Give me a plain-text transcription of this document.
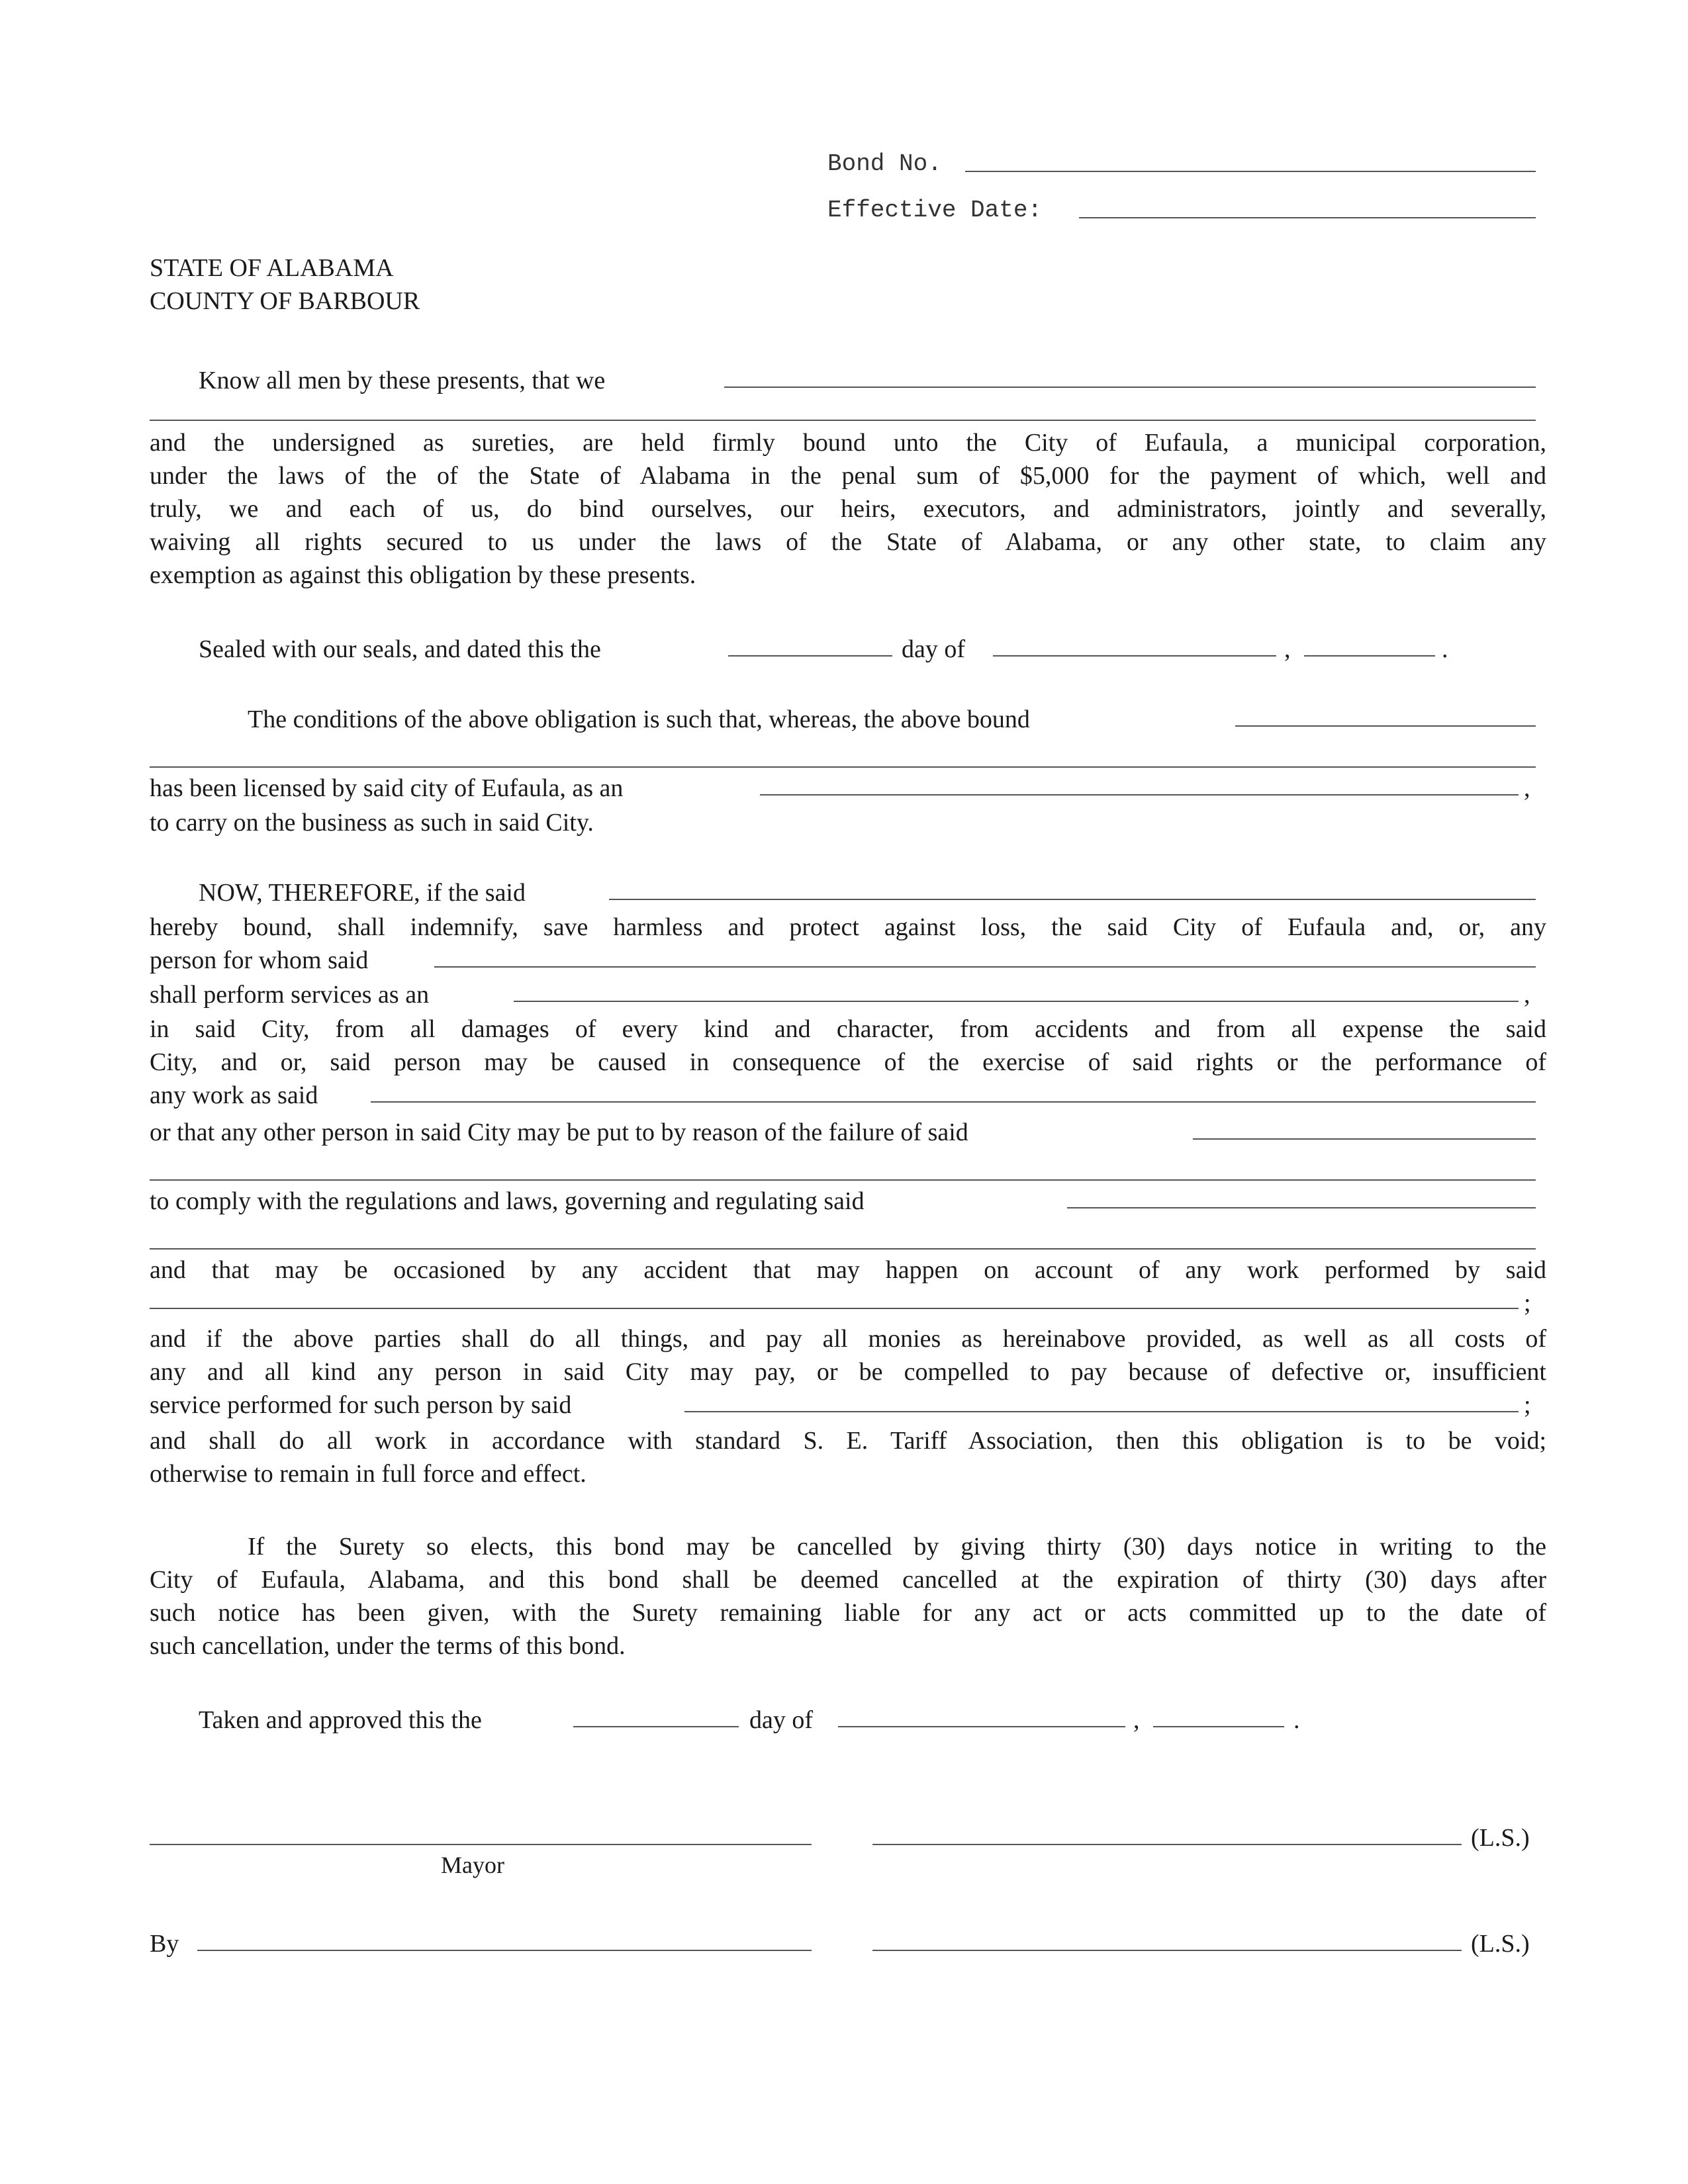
Bond No.
Effective Date:
STATE OF ALABAMA
COUNTY OF BARBOUR
Know all men by these presents, that we
and the undersigned as sureties, are held firmly bound unto the City of Eufaula, a municipal corporation,
under the laws of the of the State of Alabama in the penal sum of $5,000 for the payment of which, well and
truly, we and each of us, do bind ourselves, our heirs, executors, and administrators, jointly and severally,
waiving all rights secured to us under the laws of the State of Alabama, or any other state, to claim any
exemption as against this obligation by these presents.
Sealed with our seals, and dated this the	day of	,	.
The conditions of the above obligation is such that, whereas, the above bound
has been licensed by said city of Eufaula, as an	,
to carry on the business as such in said City.
NOW, THEREFORE, if the said
hereby bound, shall indemnify, save harmless and protect against loss, the said City of Eufaula and, or, any
person for whom said
shall perform services as an	,
in said City, from all damages of every kind and character, from accidents and from all expense the said
City, and or, said person may be caused in consequence of the exercise of said rights or the performance of
any work as said
or that any other person in said City may be put to by reason of the failure of said
to comply with the regulations and laws, governing and regulating said
and that may be occasioned by any accident that may happen on account of any work performed by said
;
and if the above parties shall do all things, and pay all monies as hereinabove provided, as well as all costs of
any and all kind any person in said City may pay, or be compelled to pay because of defective or, insufficient
service performed for such person by said	;
and shall do all work in accordance with standard S. E. Tariff Association, then this obligation is to be void;
otherwise to remain in full force and effect.
If the Surety so elects, this bond may be cancelled by giving thirty (30) days notice in writing to the
City of Eufaula, Alabama, and this bond shall be deemed cancelled at the expiration of thirty (30) days after
such notice has been given, with the Surety remaining liable for any act or acts committed up to the date of
such cancellation, under the terms of this bond.
Taken and approved this the	day of	,	.
Mayor
(L.S.)
By	(L.S.)
